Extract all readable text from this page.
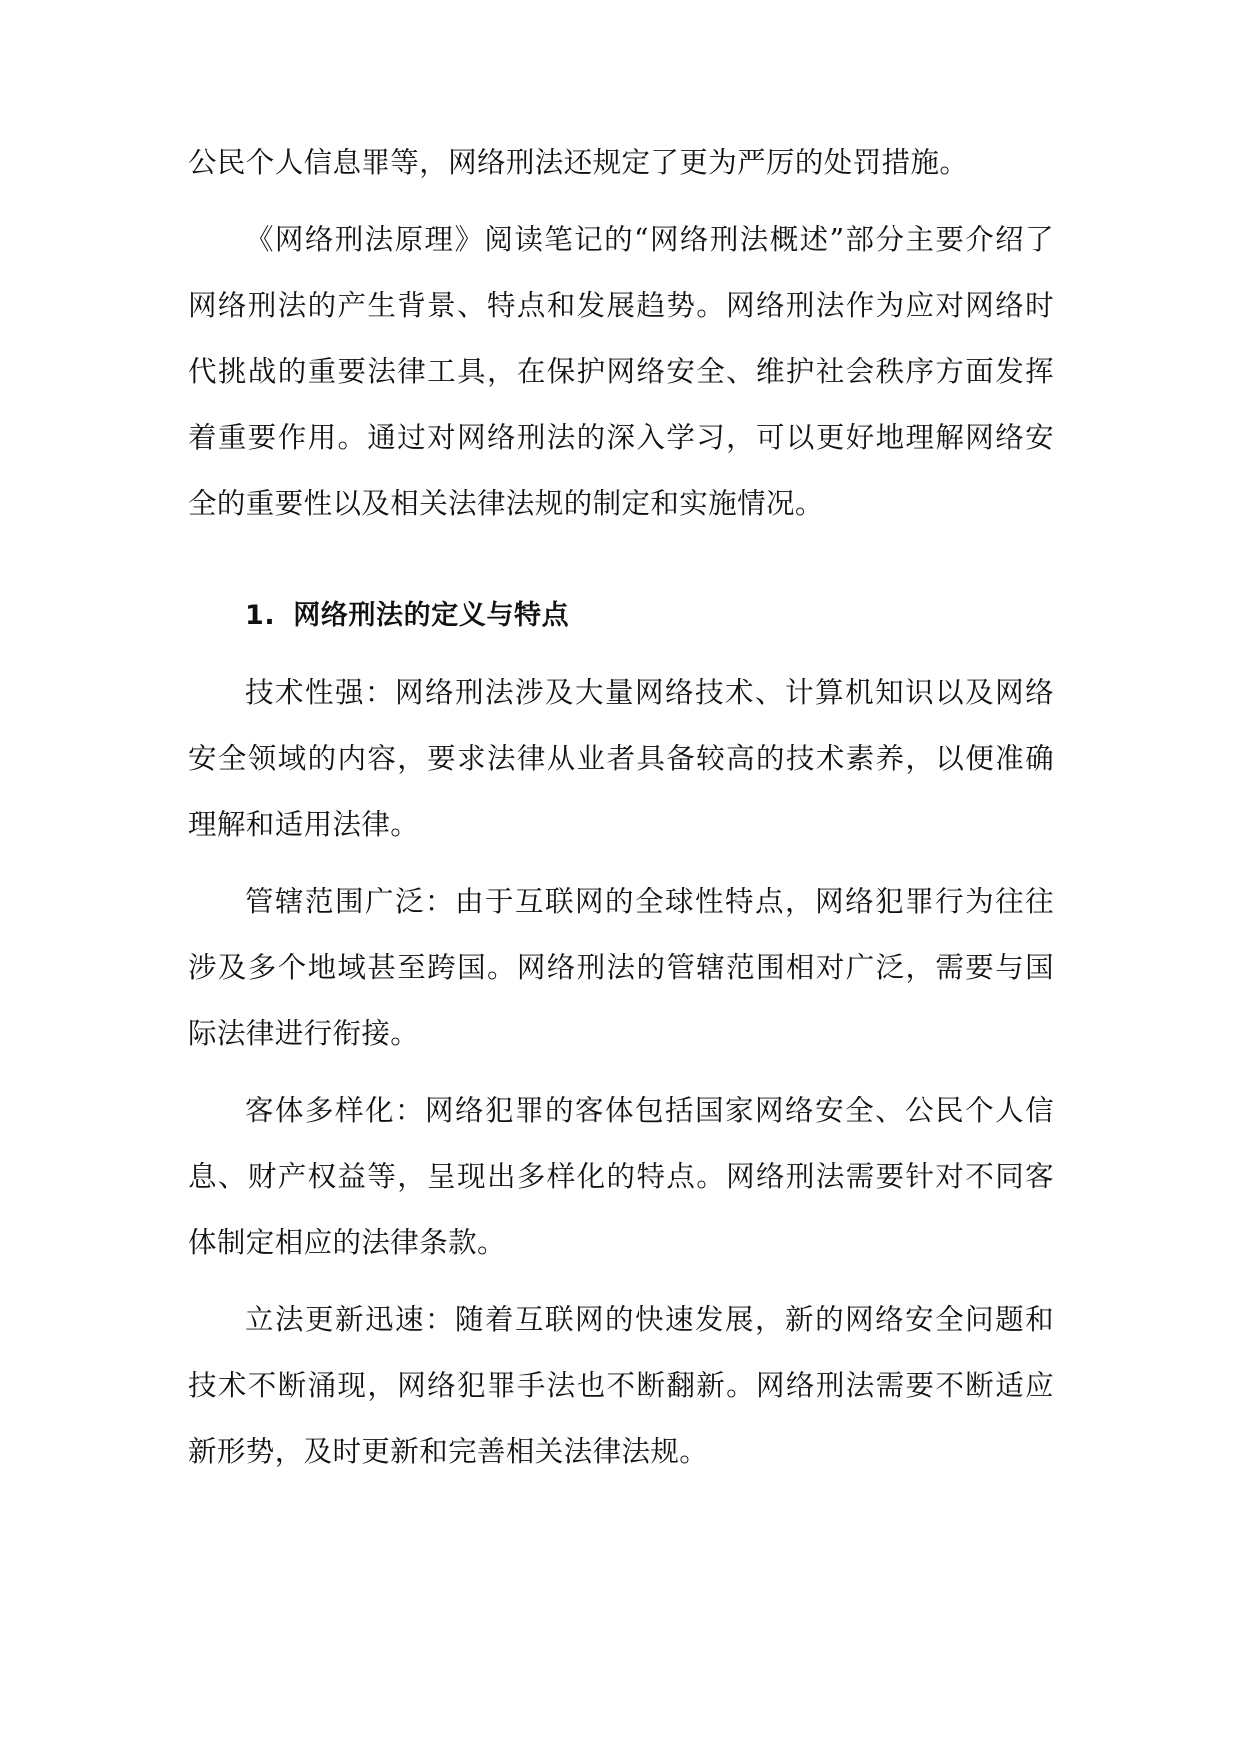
公民个人信息罪等，网络刑法还规定了更为严厉的处罚措施。

《网络刑法原理》阅读笔记的“网络刑法概述”部分主要介绍了网络刑法的产生背景、特点和发展趋势。网络刑法作为应对网络时代挑战的重要法律工具，在保护网络安全、维护社会秩序方面发挥着重要作用。通过对网络刑法的深入学习，可以更好地理解网络安全的重要性以及相关法律法规的制定和实施情况。

1. 网络刑法的定义与特点

技术性强：网络刑法涉及大量网络技术、计算机知识以及网络安全领域的内容，要求法律从业者具备较高的技术素养，以便准确理解和适用法律。

管辖范围广泛：由于互联网的全球性特点，网络犯罪行为往往涉及多个地域甚至跨国。网络刑法的管辖范围相对广泛，需要与国际法律进行衔接。

客体多样化：网络犯罪的客体包括国家网络安全、公民个人信息、财产权益等，呈现出多样化的特点。网络刑法需要针对不同客体制定相应的法律条款。

立法更新迅速：随着互联网的快速发展，新的网络安全问题和技术不断涌现，网络犯罪手法也不断翻新。网络刑法需要不断适应新形势，及时更新和完善相关法律法规。
